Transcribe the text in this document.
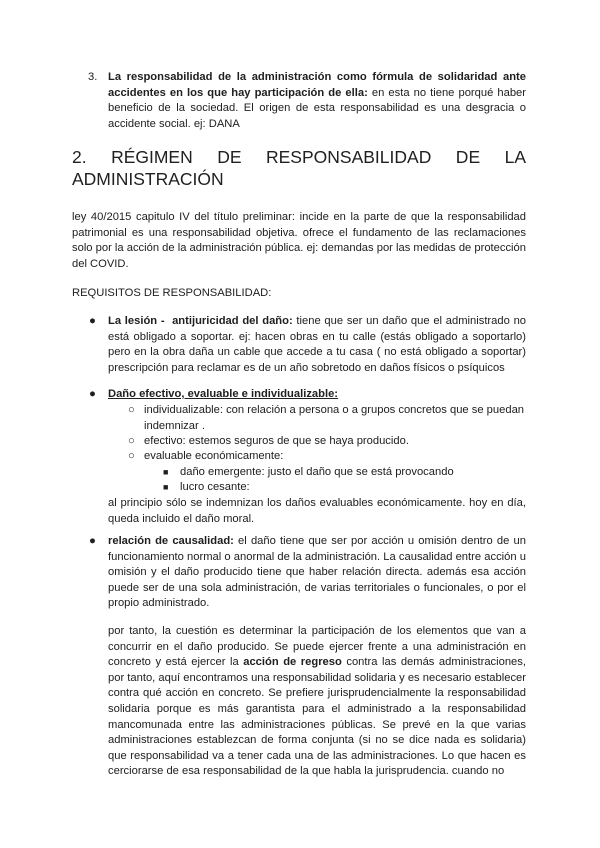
3. La responsabilidad de la administración como fórmula de solidaridad ante accidentes en los que hay participación de ella: en esta no tiene porqué haber beneficio de la sociedad. El origen de esta responsabilidad es una desgracia o accidente social. ej: DANA
2. RÉGIMEN DE RESPONSABILIDAD DE LA
ADMINISTRACIÓN
ley 40/2015 capitulo IV del título preliminar: incide en la parte de que la responsabilidad patrimonial es una responsabilidad objetiva. ofrece el fundamento de las reclamaciones solo por la acción de la administración pública. ej: demandas por las medidas de protección del COVID.
REQUISITOS DE RESPONSABILIDAD:
● La lesión - antijuricidad del daño: tiene que ser un daño que el administrado no está obligado a soportar. ej: hacen obras en tu calle (estás obligado a soportarlo) pero en la obra daña un cable que accede a tu casa ( no está obligado a soportar) prescripción para reclamar es de un año sobretodo en daños físicos o psíquicos
● Daño efectivo, evaluable e individualizable:
○ individualizable: con relación a persona o a grupos concretos que se puedan indemnizar .
○ efectivo: estemos seguros de que se haya producido.
○ evaluable económicamente:
■ daño emergente: justo el daño que se está provocando
■ lucro cesante:
al principio sólo se indemnizan los daños evaluables económicamente. hoy en día, queda incluido el daño moral.
● relación de causalidad: el daño tiene que ser por acción u omisión dentro de un funcionamiento normal o anormal de la administración. La causalidad entre acción u omisión y el daño producido tiene que haber relación directa. además esa acción puede ser de una sola administración, de varias territoriales o funcionales, o por el propio administrado.
por tanto, la cuestión es determinar la participación de los elementos que van a concurrir en el daño producido. Se puede ejercer frente a una administración en concreto y está ejercer la acción de regreso contra las demás administraciones, por tanto, aquí encontramos una responsabilidad solidaria y es necesario establecer contra qué acción en concreto. Se prefiere jurisprudencialmente la responsabilidad solidaria porque es más garantista para el administrado a la responsabilidad mancomunada entre las administraciones públicas. Se prevé en la que varias administraciones establezcan de forma conjunta (si no se dice nada es solidaria) que responsabilidad va a tener cada una de las administraciones. Lo que hacen es cerciorarse de esa responsabilidad de la que habla la jurisprudencia. cuando no
